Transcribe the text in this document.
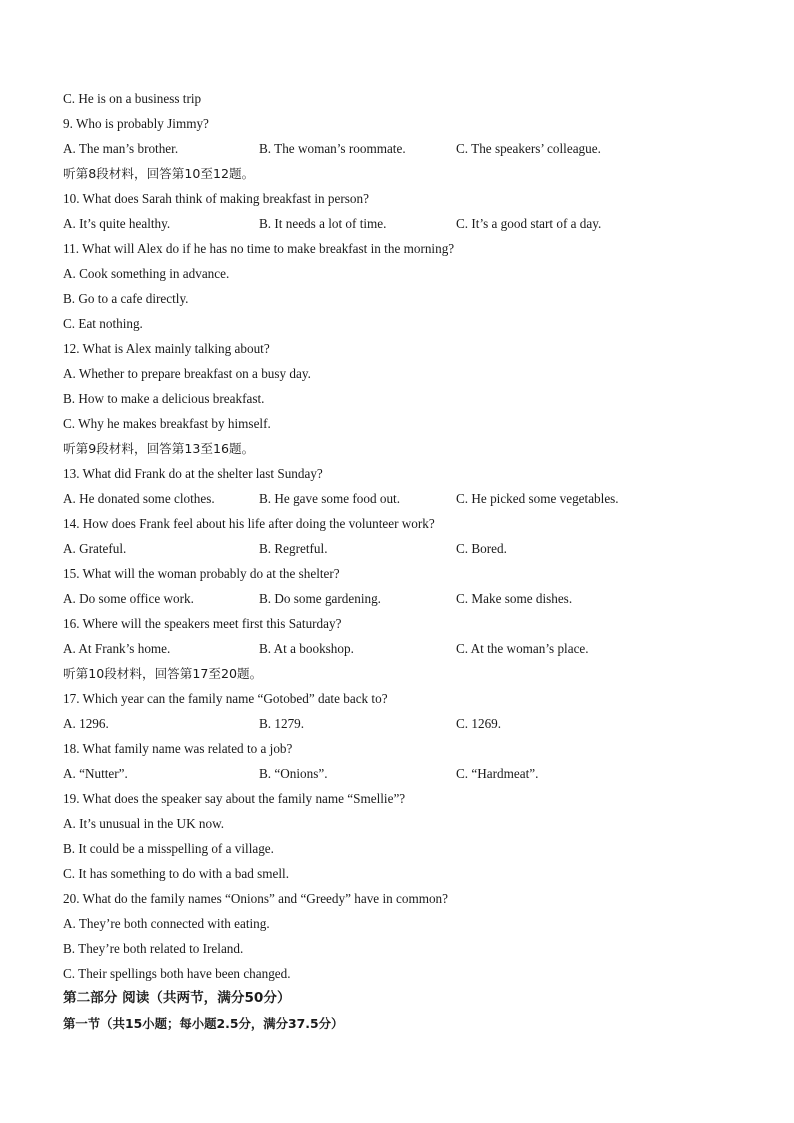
C. He is on a business trip
9. Who is probably Jimmy?
A. The man’s brother.	B. The woman’s roommate.	C. The speakers’ colleague.
听第8段材料，回答第10至12题。
10. What does Sarah think of making breakfast in person?
A. It’s quite healthy.	B. It needs a lot of time.	C. It’s a good start of a day.
11. What will Alex do if he has no time to make breakfast in the morning?
A. Cook something in advance.
B. Go to a cafe directly.
C. Eat nothing.
12. What is Alex mainly talking about?
A. Whether to prepare breakfast on a busy day.
B. How to make a delicious breakfast.
C. Why he makes breakfast by himself.
听第9段材料，回答第13至16题。
13. What did Frank do at the shelter last Sunday?
A. He donated some clothes.	B. He gave some food out.	C. He picked some vegetables.
14. How does Frank feel about his life after doing the volunteer work?
A. Grateful.	B. Regretful.	C. Bored.
15. What will the woman probably do at the shelter?
A. Do some office work.	B. Do some gardening.	C. Make some dishes.
16. Where will the speakers meet first this Saturday?
A. At Frank’s home.	B. At a bookshop.	C. At the woman’s place.
听第10段材料，回答第17至20题。
17. Which year can the family name “Gotobed” date back to?
A. 1296.	B. 1279.	C. 1269.
18. What family name was related to a job?
A. “Nutter”.	B. “Onions”.	C. “Hardmeat”.
19. What does the speaker say about the family name “Smellie”?
A. It’s unusual in the UK now.
B. It could be a misspelling of a village.
C. It has something to do with a bad smell.
20. What do the family names “Onions” and “Greedy” have in common?
A. They’re both connected with eating.
B. They’re both related to Ireland.
C. Their spellings both have been changed.
第二部分 阅读（共两节，满分50分）
第一节（共15小题；每小题2.5分，满分37.5分）
